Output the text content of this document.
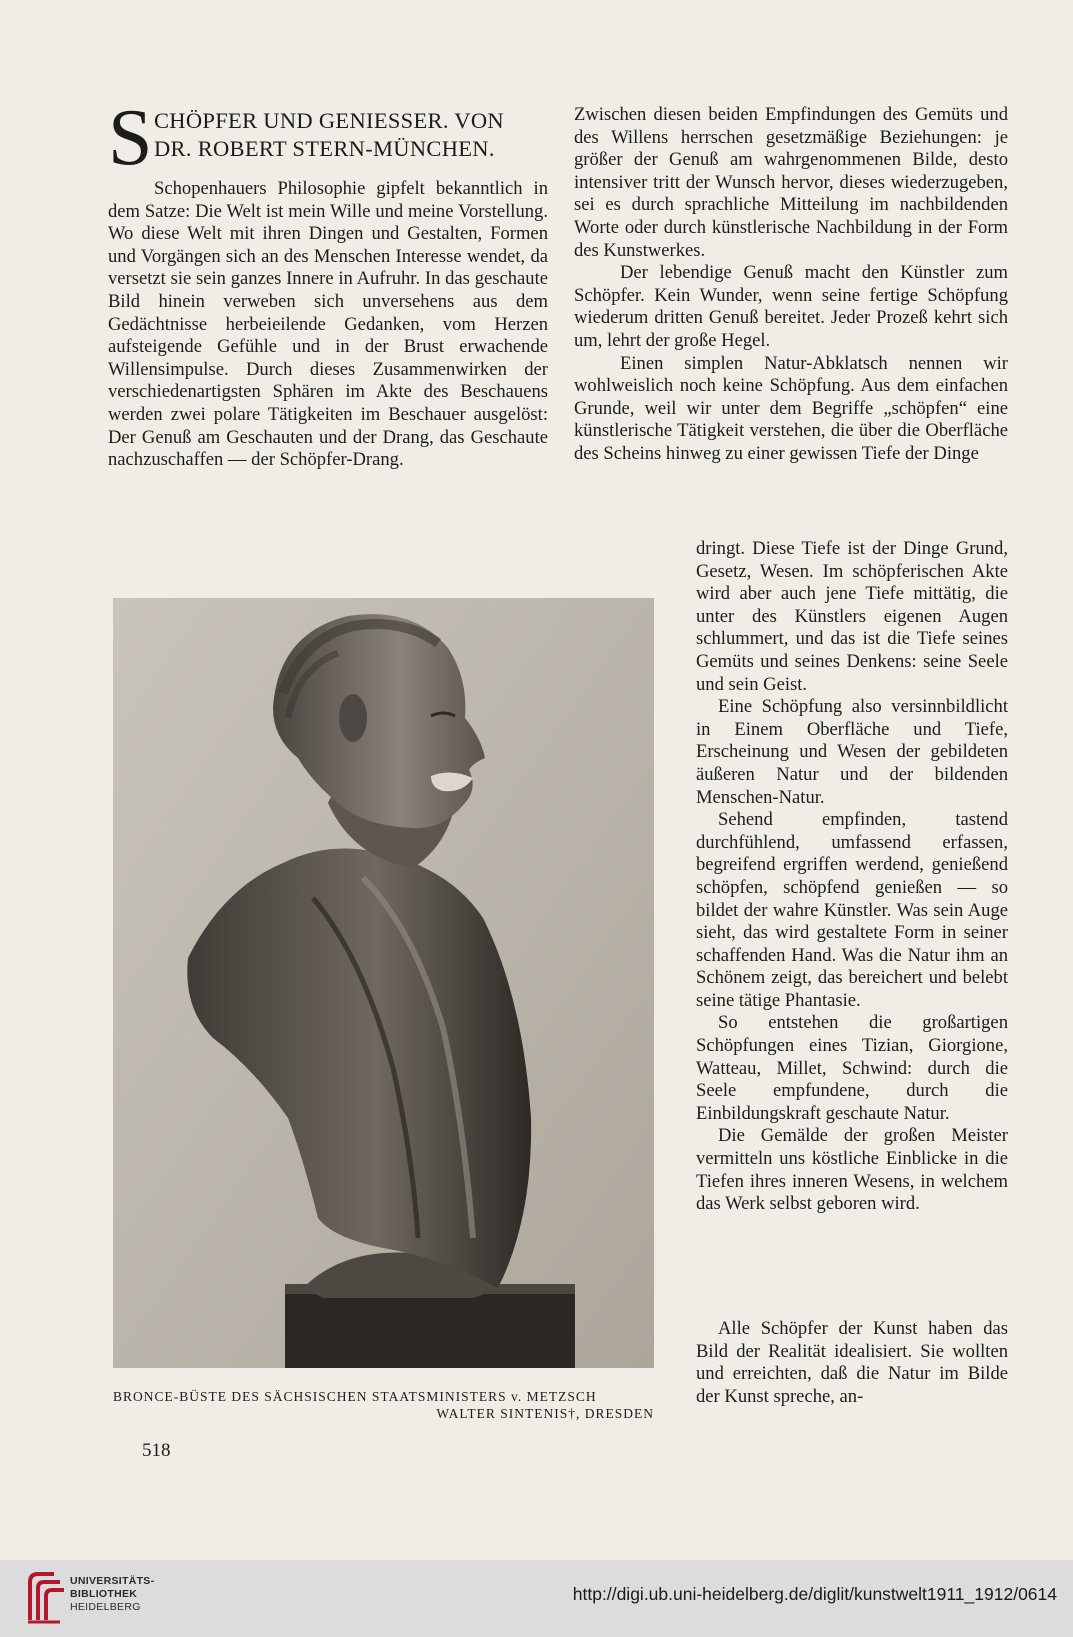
S CHÖPFER UND GENIESSER. VON
DR. ROBERT STERN-MÜNCHEN.

Schopenhauers Philosophie gipfelt bekanntlich in dem Satze: Die Welt ist mein Wille und meine Vorstellung. Wo diese Welt mit ihren Dingen und Gestalten, Formen und Vorgängen sich an des Menschen Interesse wendet, da versetzt sie sein ganzes Innere in Aufruhr. In das geschaute Bild hinein verweben sich unversehens aus dem Gedächtnisse herbeieilende Gedanken, vom Herzen aufsteigende Gefühle und in der Brust erwachende Willensimpulse. Durch dieses Zusammenwirken der verschiedenartigsten Sphären im Akte des Beschauens werden zwei polare Tätigkeiten im Beschauer ausgelöst: Der Genuß am Geschauten und der Drang, das Geschaute nachzuschaffen — der Schöpfer-Drang.

Zwischen diesen beiden Empfindungen des Gemüts und des Willens herrschen gesetzmäßige Beziehungen: je größer der Genuß am wahrgenommenen Bilde, desto intensiver tritt der Wunsch hervor, dieses wiederzugeben, sei es durch sprachliche Mitteilung im nachbildenden Worte oder durch künstlerische Nachbildung in der Form des Kunstwerkes.

Der lebendige Genuß macht den Künstler zum Schöpfer. Kein Wunder, wenn seine fertige Schöpfung wiederum dritten Genuß bereitet. Jeder Prozeß kehrt sich um, lehrt der große Hegel.

Einen simplen Natur-Abklatsch nennen wir wohlweislich noch keine Schöpfung. Aus dem einfachen Grunde, weil wir unter dem Begriffe „schöpfen“ eine künstlerische Tätigkeit verstehen, die über die Oberfläche des Scheins hinweg zu einer gewissen Tiefe der Dinge

dringt. Diese Tiefe ist der Dinge Grund, Gesetz, Wesen. Im schöpferischen Akte wird aber auch jene Tiefe mittätig, die unter des Künstlers eigenen Augen schlummert, und das ist die Tiefe seines Gemüts und seines Denkens: seine Seele und sein Geist.

Eine Schöpfung also versinnbildlicht in Einem Oberfläche und Tiefe, Erscheinung und Wesen der gebildeten äußeren Natur und der bildenden Menschen-Natur.

Sehend empfinden, tastend durchfühlend, umfassend erfassen, begreifend ergriffen werdend, genießend schöpfen, schöpfend genießen — so bildet der wahre Künstler. Was sein Auge sieht, das wird gestaltete Form in seiner schaffenden Hand. Was die Natur ihm an Schönem zeigt, das bereichert und belebt seine tätige Phantasie.

So entstehen die großartigen Schöpfungen eines Tizian, Giorgione, Watteau, Millet, Schwind: durch die Seele empfundene, durch die Einbildungskraft geschaute Natur.

Die Gemälde der großen Meister vermitteln uns köstliche Einblicke in die Tiefen ihres inneren Wesens, in welchem das Werk selbst geboren wird.

Alle Schöpfer der Kunst haben das Bild der Realität idealisiert. Sie wollten und erreichten, daß die Natur im Bilde der Kunst spreche, an-

BRONCE-BÜSTE DES SÄCHSISCHEN STAATSMINISTERS v. METZSCH
WALTER SINTENIS†, DRESDEN
518
UNIVERSITÄTS-
BIBLIOTHEK
HEIDELBERG
http://digi.ub.uni-heidelberg.de/diglit/kunstwelt1911_1912/0614
